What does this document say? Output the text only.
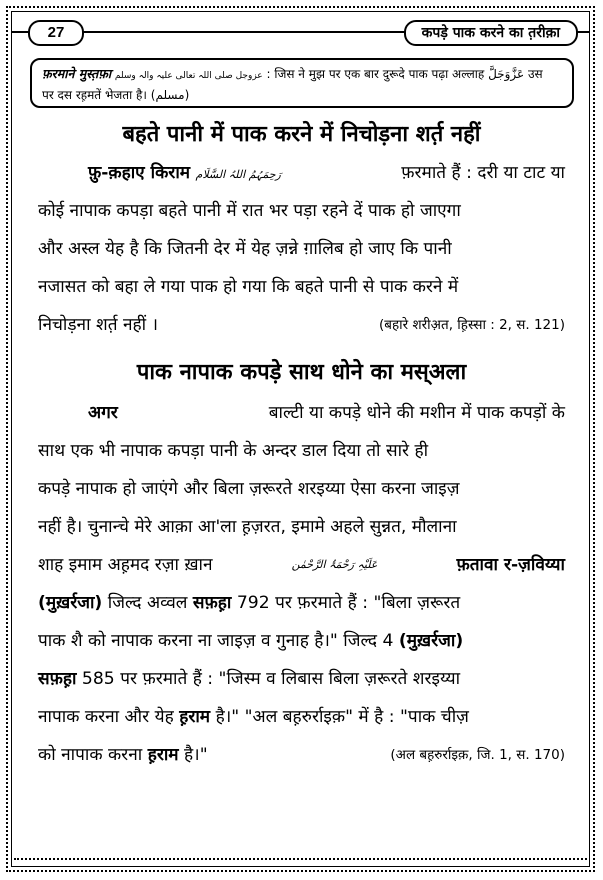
27	कपड़े पाक करने का त़रीक़ा
फ़रमाने मुस्त़फ़ा عزوجل صلی اللہ تعالی علیہ والہ وسلم : जिस ने मुझ पर एक बार दुरूदे पाक पढ़ा अल्लाह عَزَّوَجَلَّ उस
पर दस रह़मतें भेजता है। (مسلم)
बहते पानी में पाक करने में निचोड़ना शर्त़ नहीं
फ़ु-क़हाए किराम رَحِمَہُمُ اللہُ السَّلَام	फ़रमाते हैं : दरी या टाट या
कोई नापाक कपड़ा बहते पानी में रात भर पड़ा रहने दें पाक हो जाएगा
और अस्ल येह है कि जितनी देर में येह ज़न्ने ग़ालिब हो जाए कि पानी
नजासत को बहा ले गया पाक हो गया कि बहते पानी से पाक करने में
निचोड़ना शर्त़ नहीं ।	(बहारे शरीअ़त, ह़िस्सा : 2, स. 121)
पाक नापाक कपड़े साथ धोने का मस्अला
अगर	बाल्टी या कपड़े धोने की मशीन में पाक कपड़ों के
साथ एक भी नापाक कपड़ा पानी के अन्दर डाल दिया तो सारे ही
कपड़े नापाक हो जाएंगे और बिला ज़रूरते शरइय्या ऐसा करना जाइज़
नहीं है। चुनान्चे मेरे आक़ा आ'ला ह़ज़रत, इमामे अहले सुन्नत, मौलाना
शाह इमाम अह़मद रज़ा ख़ान	عَلَیْہِ رَحْمَۃُ الرَّحْمٰن	फ़तावा र-ज़विय्या
(मुख़र्रजा) जिल्द अव्वल सफ़ह़ा 792 पर फ़रमाते हैं : "बिला ज़रूरत
पाक शै को नापाक करना ना जाइज़ व गुनाह है।" जिल्द 4 (मुख़र्रजा)
सफ़ह़ा 585 पर फ़रमाते हैं : "जिस्म व लिबास बिला ज़रूरते शरइय्या
नापाक करना और येह ह़राम है।" "अल बह़रुर्राइक़" में है : "पाक चीज़
को नापाक करना ह़राम है।"	(अल बह़रुर्राइक़, जि. 1, स. 170)
